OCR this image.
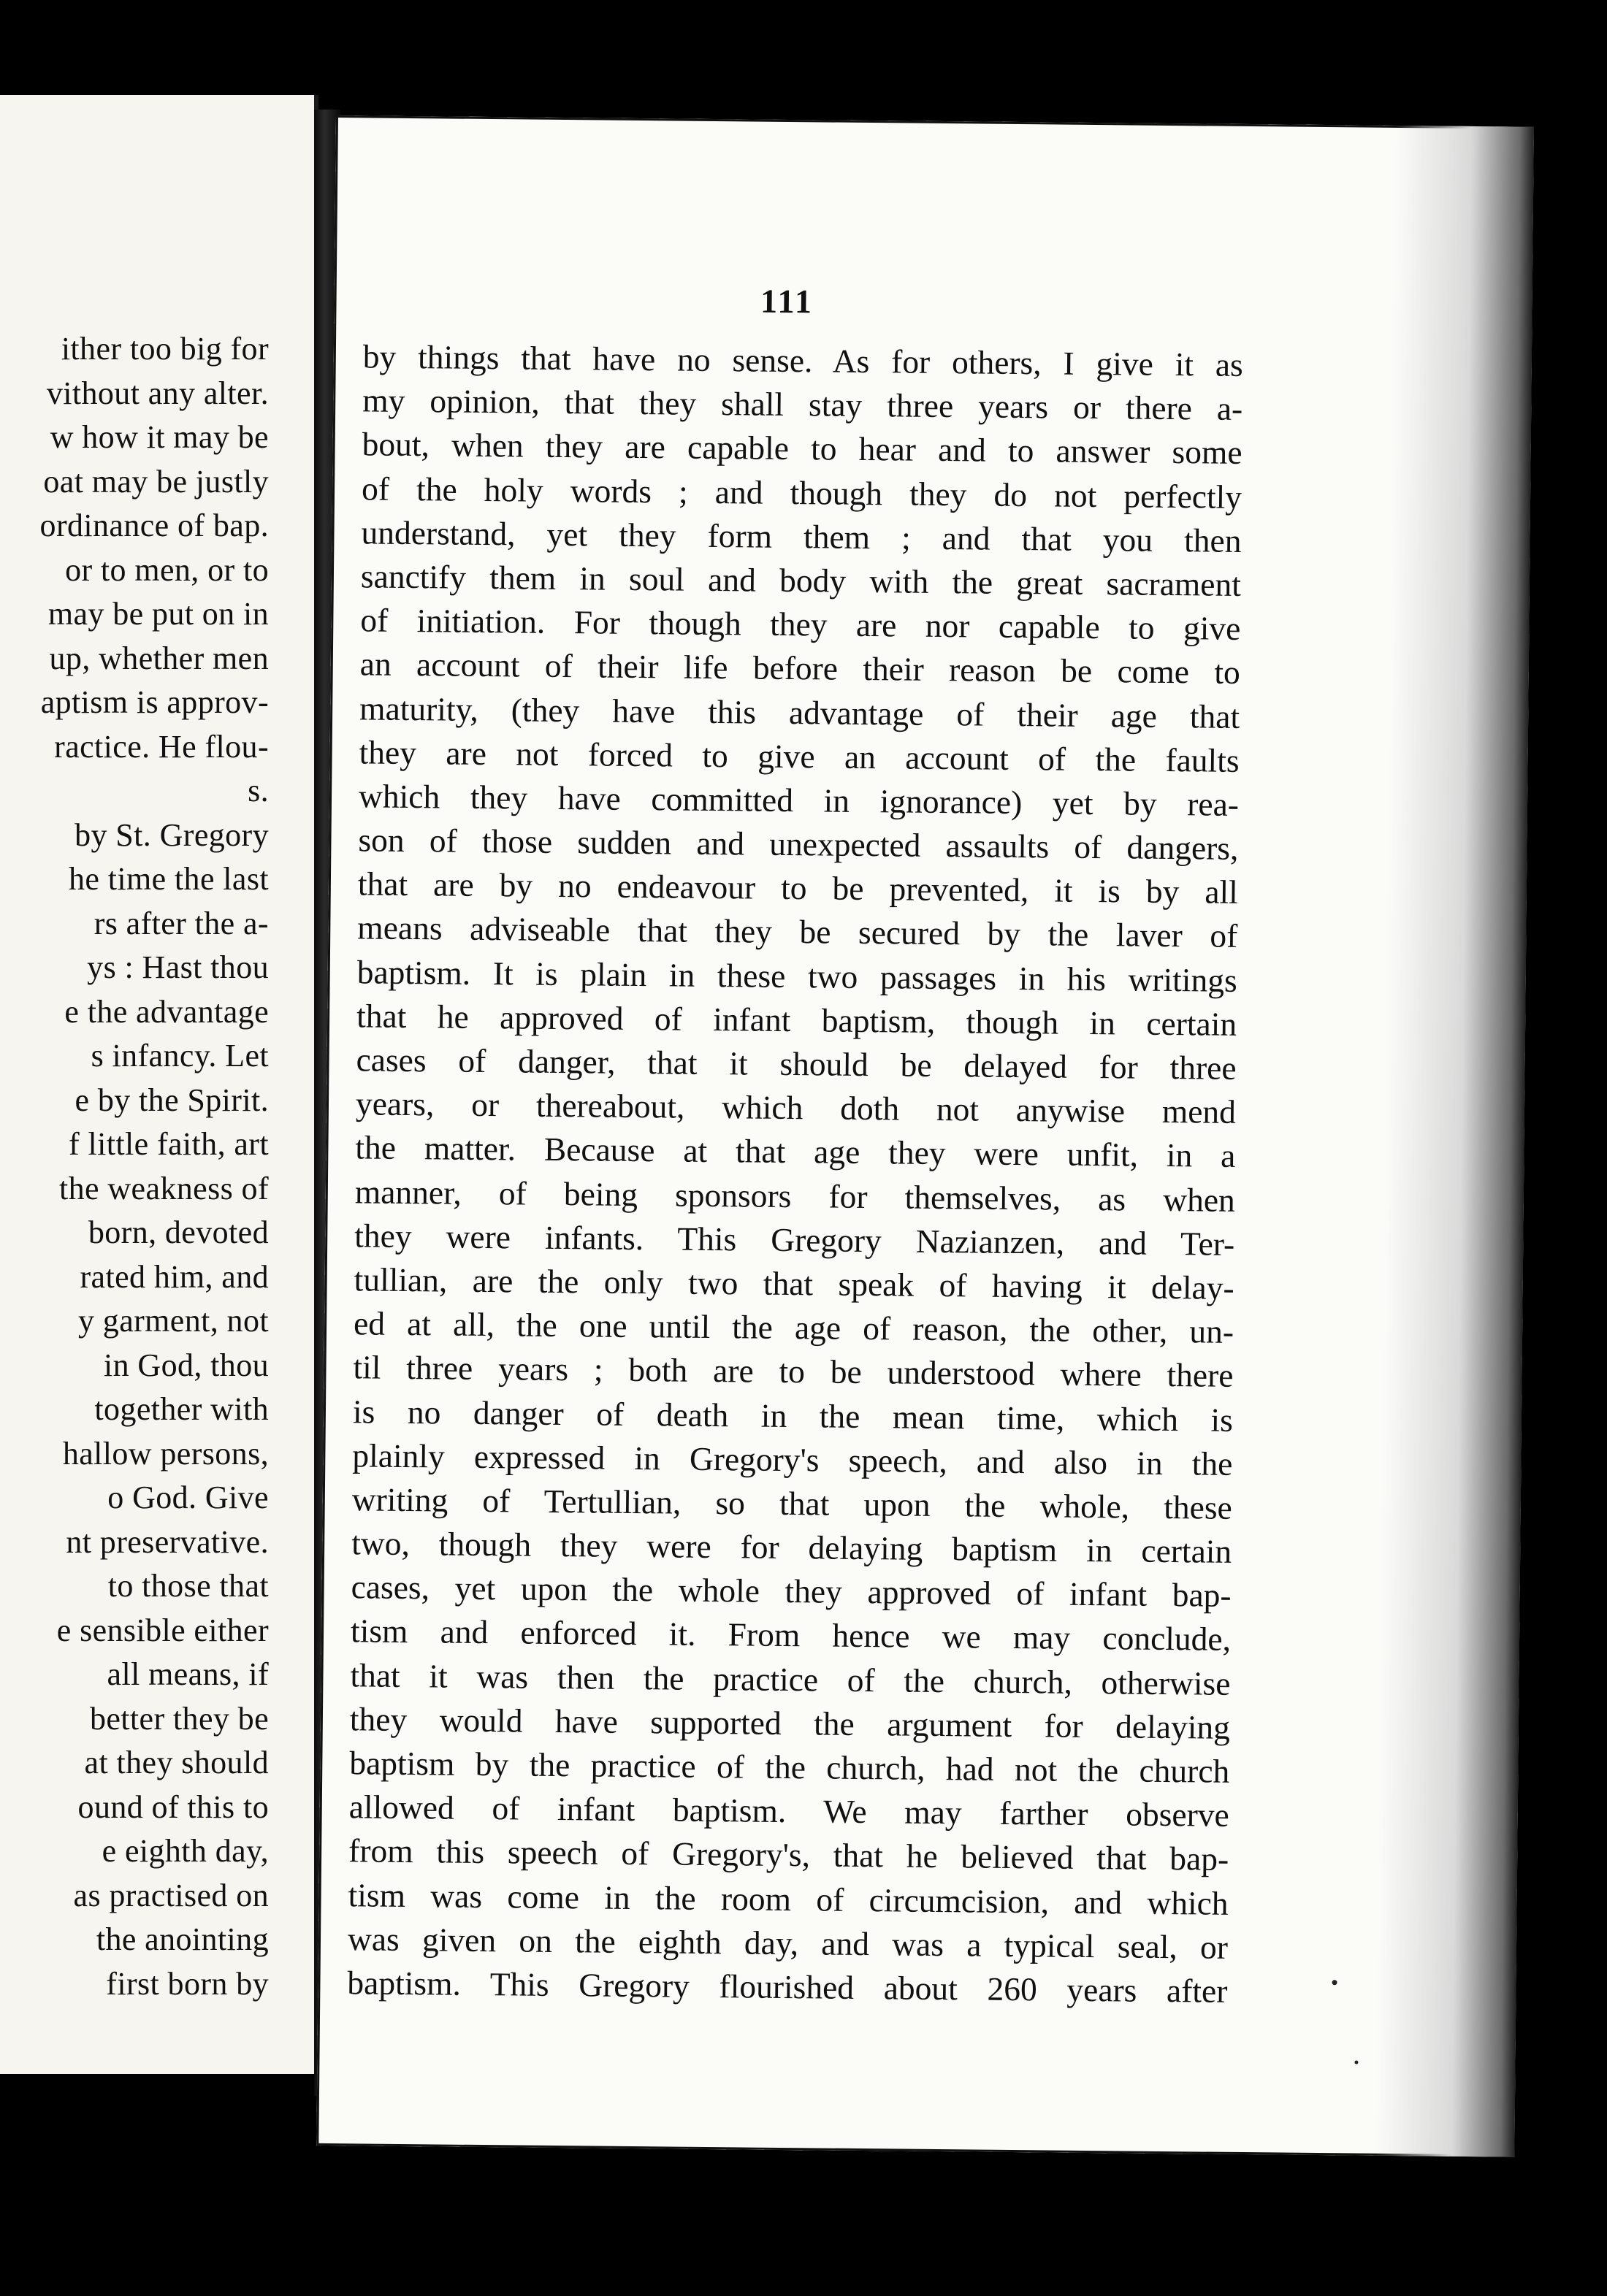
ither too big for
vithout any alter.
w how it may be
oat may be justly
ordinance of bap.
or to men, or to
may be put on in
up, whether men
aptism is approv-
ractice. He flou-
s.
by St. Gregory
he time the last
rs after the a-
ys : Hast thou
e the advantage
s infancy. Let
e by the Spirit.
f little faith, art
the weakness of
born, devoted
rated him, and
y garment, not
in God, thou
together with
hallow persons,
o God. Give
nt preservative.
to those that
e sensible either
all means, if
better they be
at they should
ound of this to
e eighth day,
as practised on
the anointing
first born by
111
by things that have no sense. As for others, I give it as
my opinion, that they shall stay three years or there a-
bout, when they are capable to hear and to answer some
of the holy words ; and though they do not perfectly
understand, yet they form them ; and that you then
sanctify them in soul and body with the great sacrament
of initiation. For though they are nor capable to give
an account of their life before their reason be come to
maturity, (they have this advantage of their age that
they are not forced to give an account of the faults
which they have committed in ignorance) yet by rea-
son of those sudden and unexpected assaults of dangers,
that are by no endeavour to be prevented, it is by all
means adviseable that they be secured by the laver of
baptism. It is plain in these two passages in his writings
that he approved of infant baptism, though in certain
cases of danger, that it should be delayed for three
years, or thereabout, which doth not anywise mend
the matter. Because at that age they were unfit, in a
manner, of being sponsors for themselves, as when
they were infants. This Gregory Nazianzen, and Ter-
tullian, are the only two that speak of having it delay-
ed at all, the one until the age of reason, the other, un-
til three years ; both are to be understood where there
is no danger of death in the mean time, which is
plainly expressed in Gregory's speech, and also in the
writing of Tertullian, so that upon the whole, these
two, though they were for delaying baptism in certain
cases, yet upon the whole they approved of infant bap-
tism and enforced it. From hence we may conclude,
that it was then the practice of the church, otherwise
they would have supported the argument for delaying
baptism by the practice of the church, had not the church
allowed of infant baptism. We may farther observe
from this speech of Gregory's, that he believed that bap-
tism was come in the room of circumcision, and which
was given on the eighth day, and was a typical seal, or
baptism. This Gregory flourished about 260 years after
